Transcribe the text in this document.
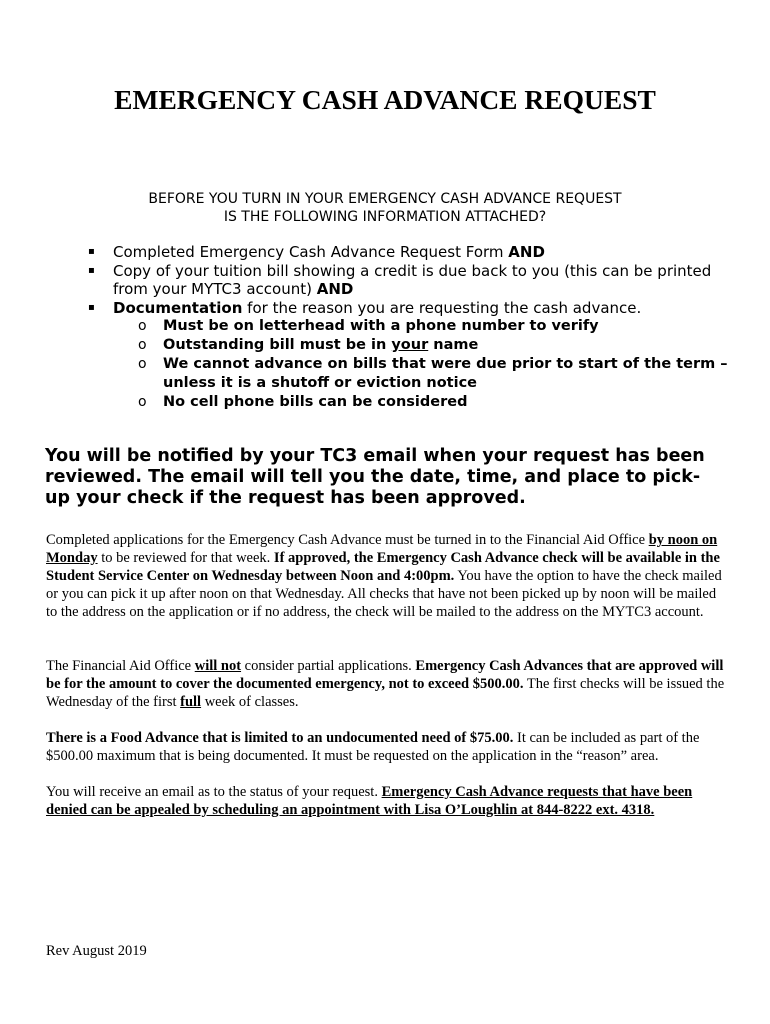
EMERGENCY CASH ADVANCE REQUEST
BEFORE YOU TURN IN YOUR EMERGENCY CASH ADVANCE REQUEST
IS THE FOLLOWING INFORMATION ATTACHED?
▪ Completed Emergency Cash Advance Request Form AND
▪ Copy of your tuition bill showing a credit is due back to you (this can be printed from your MYTC3 account) AND
▪ Documentation for the reason you are requesting the cash advance.
o Must be on letterhead with a phone number to verify
o Outstanding bill must be in your name
o We cannot advance on bills that were due prior to start of the term – unless it is a shutoff or eviction notice
o No cell phone bills can be considered

You will be notified by your TC3 email when your request has been reviewed. The email will tell you the date, time, and place to pick-up your check if the request has been approved.

Completed applications for the Emergency Cash Advance must be turned in to the Financial Aid Office by noon on Monday to be reviewed for that week. If approved, the Emergency Cash Advance check will be available in the Student Service Center on Wednesday between Noon and 4:00pm. You have the option to have the check mailed or you can pick it up after noon on that Wednesday. All checks that have not been picked up by noon will be mailed to the address on the application or if no address, the check will be mailed to the address on the MYTC3 account.

The Financial Aid Office will not consider partial applications. Emergency Cash Advances that are approved will be for the amount to cover the documented emergency, not to exceed $500.00. The first checks will be issued the Wednesday of the first full week of classes.

There is a Food Advance that is limited to an undocumented need of $75.00. It can be included as part of the $500.00 maximum that is being documented. It must be requested on the application in the “reason” area.

You will receive an email as to the status of your request. Emergency Cash Advance requests that have been denied can be appealed by scheduling an appointment with Lisa O’Loughlin at 844-8222 ext. 4318.

Rev August 2019
